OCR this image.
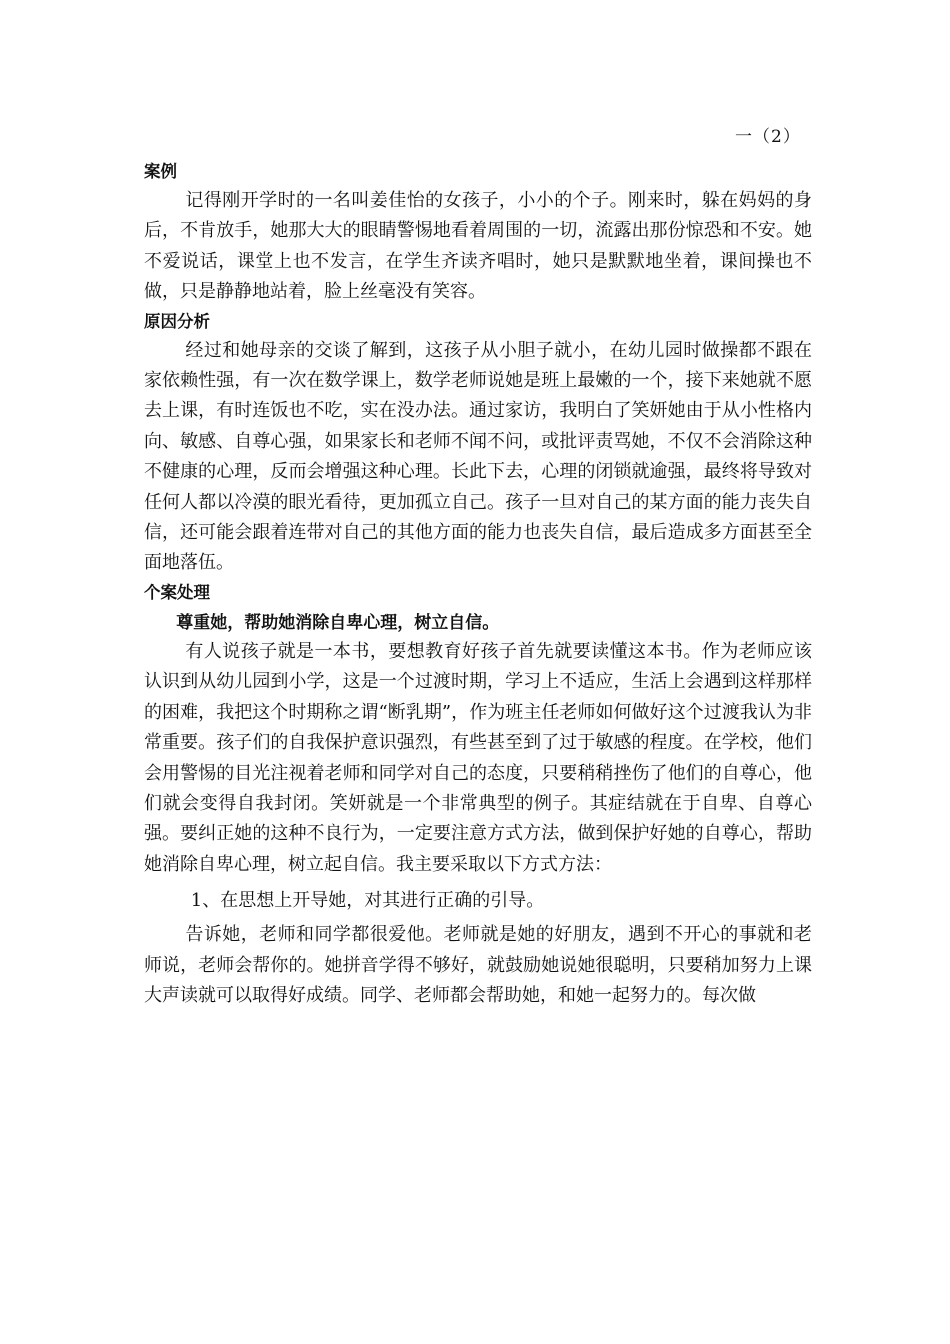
一（2）

案例

记得刚开学时的一名叫姜佳怡的女孩子，小小的个子。刚来时，躲在妈妈的身后，不肯放手，她那大大的眼睛警惕地看着周围的一切，流露出那份惊恐和不安。她不爱说话，课堂上也不发言，在学生齐读齐唱时，她只是默默地坐着，课间操也不做，只是静静地站着，脸上丝毫没有笑容。

原因分析

经过和她母亲的交谈了解到，这孩子从小胆子就小，在幼儿园时做操都不跟在家依赖性强，有一次在数学课上，数学老师说她是班上最嫩的一个，接下来她就不愿去上课，有时连饭也不吃，实在没办法。通过家访，我明白了笑妍她由于从小性格内向、敏感、自尊心强，如果家长和老师不闻不问，或批评责骂她，不仅不会消除这种不健康的心理，反而会增强这种心理。长此下去，心理的闭锁就逾强，最终将导致对任何人都以冷漠的眼光看待，更加孤立自己。孩子一旦对自己的某方面的能力丧失自信，还可能会跟着连带对自己的其他方面的能力也丧失自信，最后造成多方面甚至全面地落伍。

个案处理

尊重她，帮助她消除自卑心理，树立自信。

有人说孩子就是一本书，要想教育好孩子首先就要读懂这本书。作为老师应该认识到从幼儿园到小学，这是一个过渡时期，学习上不适应，生活上会遇到这样那样的困难，我把这个时期称之谓“断乳期”，作为班主任老师如何做好这个过渡我认为非常重要。孩子们的自我保护意识强烈，有些甚至到了过于敏感的程度。在学校，他们会用警惕的目光注视着老师和同学对自己的态度，只要稍稍挫伤了他们的自尊心，他们就会变得自我封闭。笑妍就是一个非常典型的例子。其症结就在于自卑、自尊心强。要纠正她的这种不良行为，一定要注意方式方法，做到保护好她的自尊心，帮助她消除自卑心理，树立起自信。我主要采取以下方式方法：

1、在思想上开导她，对其进行正确的引导。

告诉她，老师和同学都很爱他。老师就是她的好朋友，遇到不开心的事就和老师说，老师会帮你的。她拼音学得不够好，就鼓励她说她很聪明，只要稍加努力上课大声读就可以取得好成绩。同学、老师都会帮助她，和她一起努力的。每次做
